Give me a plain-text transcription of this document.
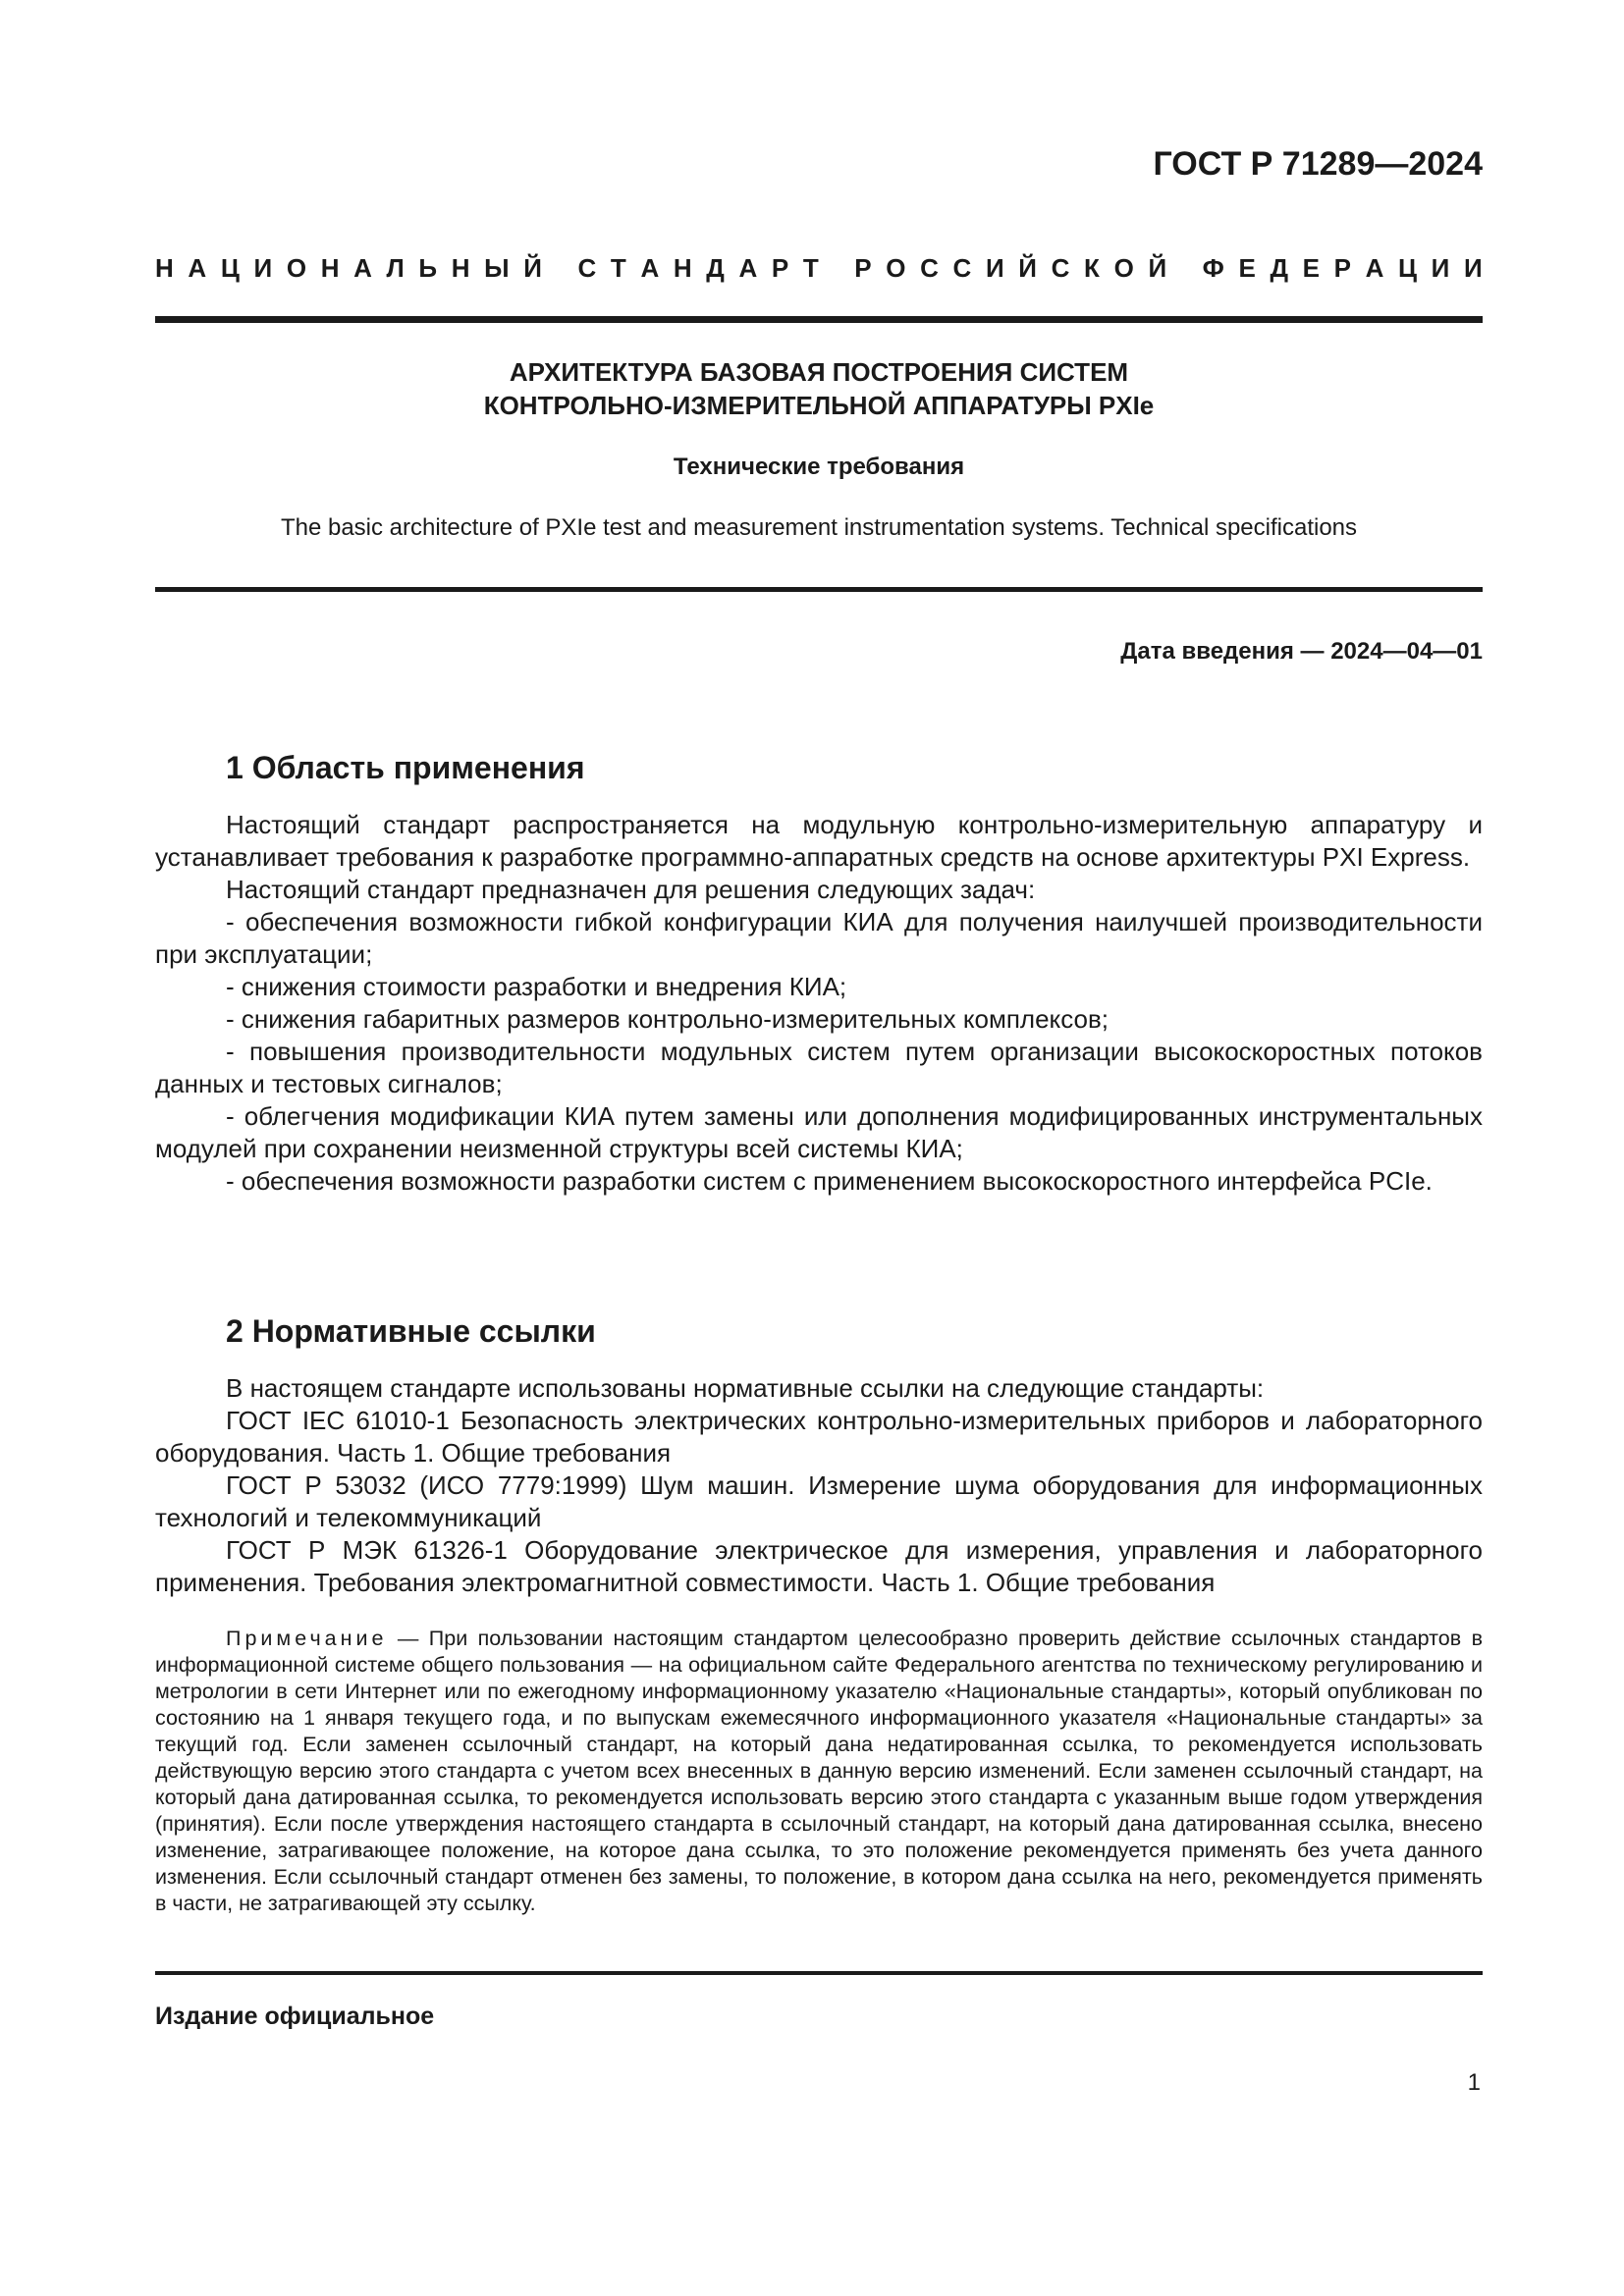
ГОСТ Р 71289—2024
Н А Ц И О Н А Л Ь Н Ы Й
С Т А Н Д А Р Т
Р О С С И Й С К О Й
Ф Е Д Е Р А Ц И И
АРХИТЕКТУРА БАЗОВАЯ ПОСТРОЕНИЯ СИСТЕМ
КОНТРОЛЬНО-ИЗМЕРИТЕЛЬНОЙ АППАРАТУРЫ PXIe
Технические требования
The basic architecture of PXIe test and measurement instrumentation systems. Technical specifications
Дата введения — 2024—04—01
1 Область применения

Настоящий стандарт распространяется на модульную контрольно-измерительную аппаратуру и устанавливает требования к разработке программно-аппаратных средств на основе архитектуры PXI Express.

Настоящий стандарт предназначен для решения следующих задач:

- обеспечения возможности гибкой конфигурации КИА для получения наилучшей производительности при эксплуатации;

- снижения стоимости разработки и внедрения КИА;

- снижения габаритных размеров контрольно-измерительных комплексов;

- повышения производительности модульных систем путем организации высокоскоростных потоков данных и тестовых сигналов;

- облегчения модификации КИА путем замены или дополнения модифицированных инструментальных модулей при сохранении неизменной структуры всей системы КИА;

- обеспечения возможности разработки систем с применением высокоскоростного интерфейса PCIe.

2 Нормативные ссылки

В настоящем стандарте использованы нормативные ссылки на следующие стандарты:

ГОСТ IEC 61010-1 Безопасность электрических контрольно-измерительных приборов и лабораторного оборудования. Часть 1. Общие требования

ГОСТ Р 53032 (ИСО 7779:1999) Шум машин. Измерение шума оборудования для информационных технологий и телекоммуникаций

ГОСТ Р МЭК 61326-1 Оборудование электрическое для измерения, управления и лабораторного применения. Требования электромагнитной совместимости. Часть 1. Общие требования

Примечание — При пользовании настоящим стандартом целесообразно проверить действие ссылочных стандартов в информационной системе общего пользования — на официальном сайте Федерального агентства по техническому регулированию и метрологии в сети Интернет или по ежегодному информационному указателю «Национальные стандарты», который опубликован по состоянию на 1 января текущего года, и по выпускам ежемесячного информационного указателя «Национальные стандарты» за текущий год. Если заменен ссылочный стандарт, на который дана недатированная ссылка, то рекомендуется использовать действующую версию этого стандарта с учетом всех внесенных в данную версию изменений. Если заменен ссылочный стандарт, на который дана датированная ссылка, то рекомендуется использовать версию этого стандарта с указанным выше годом утверждения (принятия). Если после утверждения настоящего стандарта в ссылочный стандарт, на который дана датированная ссылка, внесено изменение, затрагивающее положение, на которое дана ссылка, то это положение рекомендуется применять без учета данного изменения. Если ссылочный стандарт отменен без замены, то положение, в котором дана ссылка на него, рекомендуется применять в части, не затрагивающей эту ссылку.

Издание официальное
1
